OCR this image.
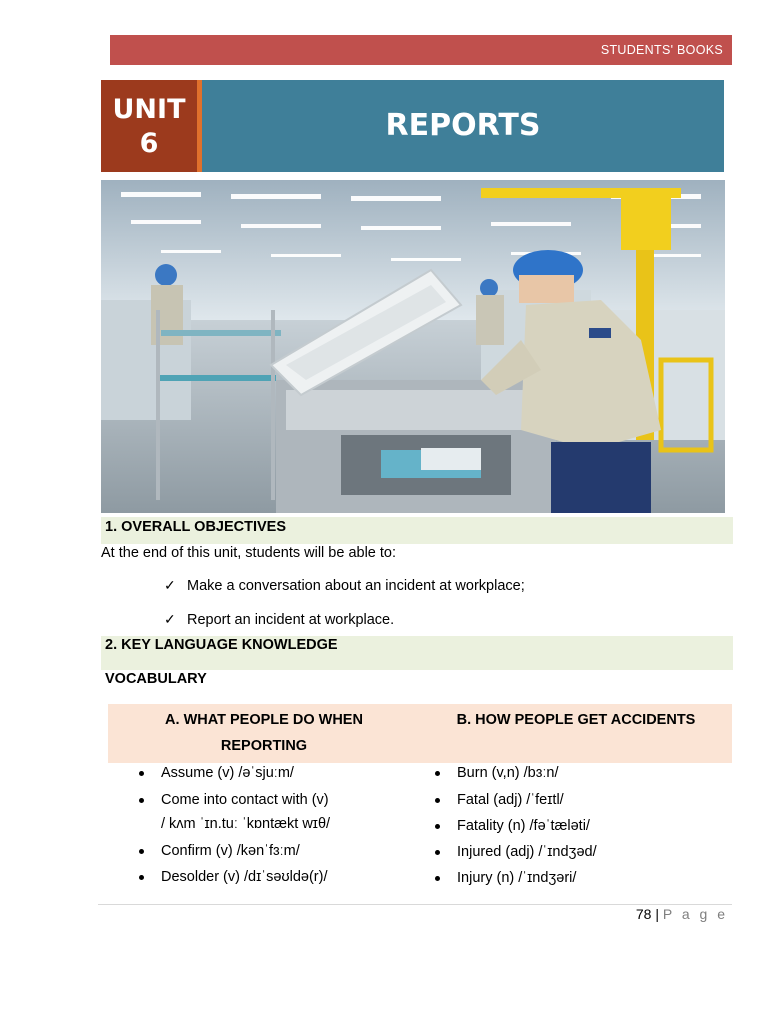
STUDENTS' BOOKS
UNIT
6
REPORTS
1. OVERALL OBJECTIVES
At the end of this unit, students will be able to:
✓ Make a conversation about an incident at workplace;
✓ Report an incident at workplace.
2. KEY LANGUAGE KNOWLEDGE
VOCABULARY
A. WHAT PEOPLE DO WHEN
REPORTING
B. HOW PEOPLE GET ACCIDENTS
Assume (v) /əˈsjuːm/
Come into contact with (v)
/ kʌm ˈɪn.tuː ˈkɒntækt wɪθ/
Confirm (v) /kənˈfɜːm/
Desolder (v) /dɪˈsəʊldə(r)/
Burn (v,n) /bɜːn/
Fatal (adj) /ˈfeɪtl/
Fatality (n) /fəˈtæləti/
Injured (adj) /ˈɪndʒəd/
Injury (n) /ˈɪndʒəri/
78 | P a g e
